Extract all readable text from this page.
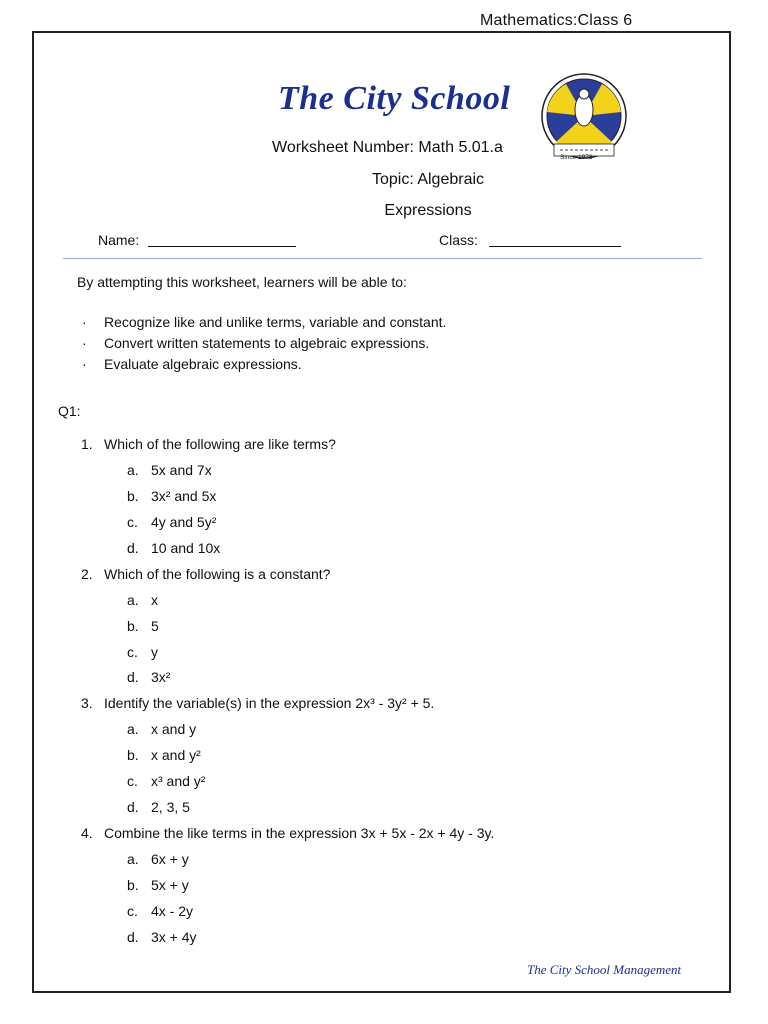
Mathematics:Class 6
The City School
Since 1978
Worksheet Number: Math 5.01.a
Topic: Algebraic
Expressions
Name:	Class:
By attempting this worksheet, learners will be able to:
· Recognize like and unlike terms, variable and constant.
· Convert written statements to algebraic expressions.
· Evaluate algebraic expressions.
Q1:
1. Which of the following are like terms?
a. 5x and 7x
b. 3x² and 5x
c. 4y and 5y²
d. 10 and 10x
2. Which of the following is a constant?
a. x
b. 5
c. y
d. 3x²
3. Identify the variable(s) in the expression 2x³ - 3y² + 5.
a. x and y
b. x and y²
c. x³ and y²
d. 2, 3, 5
4. Combine the like terms in the expression 3x + 5x - 2x + 4y - 3y.
a. 6x + y
b. 5x + y
c. 4x - 2y
d. 3x + 4y
The City School Management
